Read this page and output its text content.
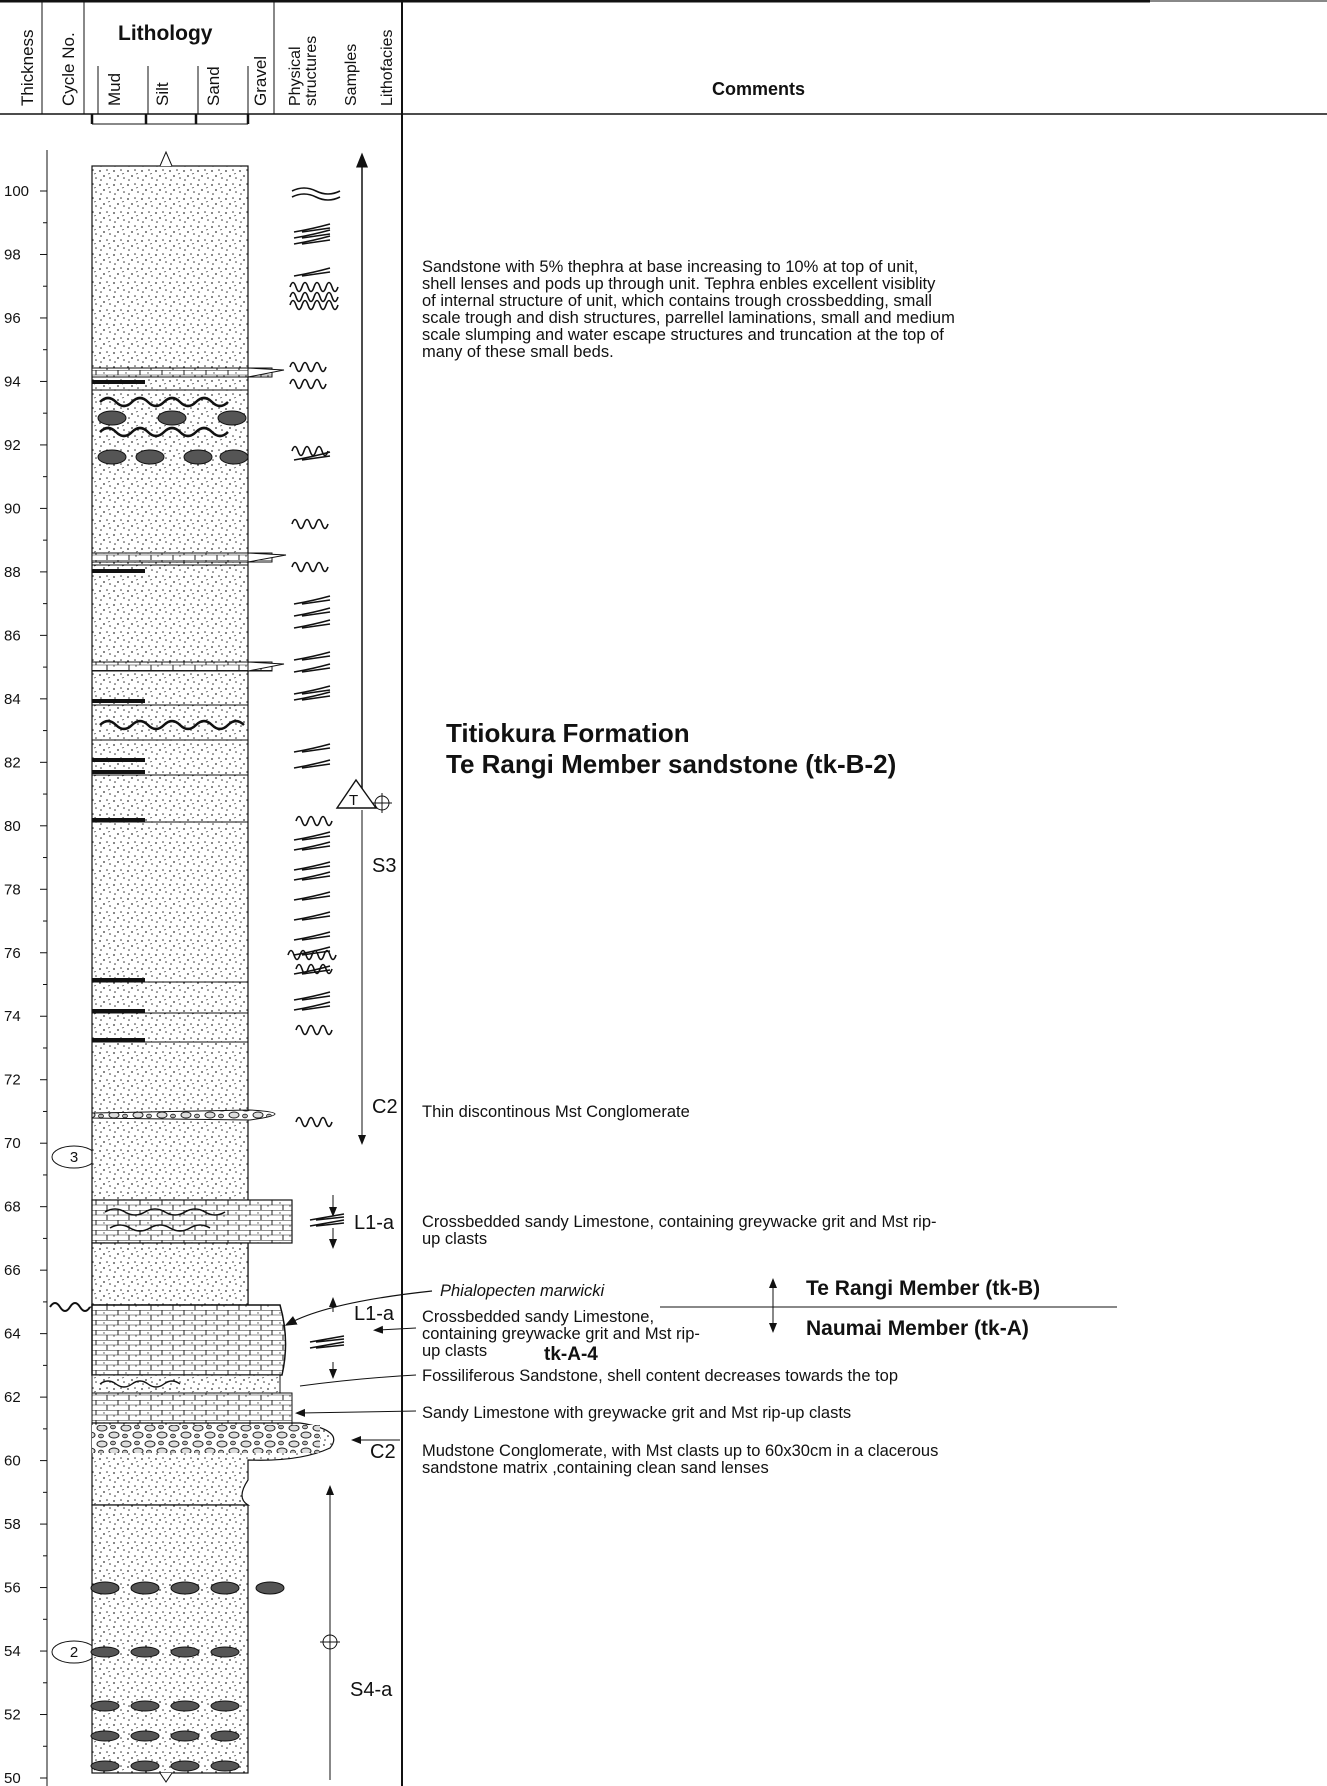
Thickness Cycle No. Lithology
Mud Silt Sand Gravel Physical structures Samples Lithofacies	Comments
100
98
96
94
92
90
88
86
84
82
80
78
76
74
72
70
68
66
64
62
60
58
56
54
52
50
3
2
T
S3
C2
L1-a
L1-a
C2
S4-a
Sandstone with 5% thephra at base increasing to 10% at top of unit,
shell lenses and pods up through unit. Tephra enbles excellent visiblity
of internal structure of unit, which contains trough crossbedding, small
scale trough and dish structures, parrellel laminations, small and medium
scale slumping and water escape structures and truncation at the top of
many of these small beds.
Titiokura Formation
Te Rangi Member sandstone (tk-B-2)
Thin discontinous Mst Conglomerate
Crossbedded sandy Limestone, containing greywacke grit and Mst rip-
up clasts
Phialopecten marwicki	Te Rangi Member (tk-B)
Naumai Member (tk-A)
Crossbedded sandy Limestone,
containing greywacke grit and Mst rip-
up clasts	tk-A-4
Fossiliferous Sandstone, shell content decreases towards the top
Sandy Limestone with greywacke grit and Mst rip-up clasts
Mudstone Conglomerate, with Mst clasts up to 60x30cm in a clacerous
sandstone matrix ,containing clean sand lenses
